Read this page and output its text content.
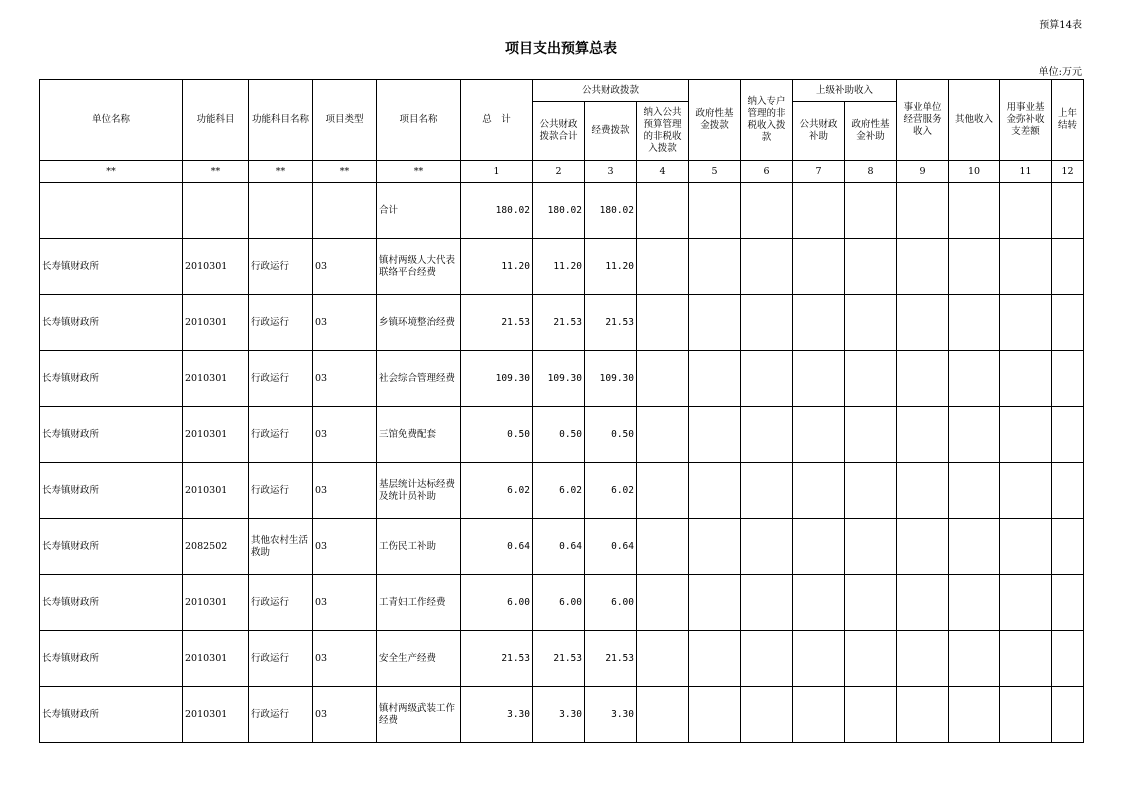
预算14表
项目支出预算总表
单位:万元
单位名称	功能科目	功能科目名称	项目类型	项目名称	总　计	公共财政拨款			政府性基金拨款	纳入专户管理的非税收入拨款	上级补助收入		事业单位经营服务收入	其他收入	用事业基金弥补收支差额	上年结转
						公共财政拨款合计	经费拨款	纳入公共预算管理的非税收入拨款			公共财政补助	政府性基金补助				
**	**	**	**	**	1	2	3	4	5	6	7	8	9	10	11	12
				合计	180.02	180.02	180.02									
长寿镇财政所	2010301	行政运行	03	镇村两级人大代表联络平台经费	11.20	11.20	11.20									
长寿镇财政所	2010301	行政运行	03	乡镇环境整治经费	21.53	21.53	21.53									
长寿镇财政所	2010301	行政运行	03	社会综合管理经费	109.30	109.30	109.30									
长寿镇财政所	2010301	行政运行	03	三馆免费配套	0.50	0.50	0.50									
长寿镇财政所	2010301	行政运行	03	基层统计达标经费及统计员补助	6.02	6.02	6.02									
长寿镇财政所	2082502	其他农村生活救助	03	工伤民工补助	0.64	0.64	0.64									
长寿镇财政所	2010301	行政运行	03	工青妇工作经费	6.00	6.00	6.00									
长寿镇财政所	2010301	行政运行	03	安全生产经费	21.53	21.53	21.53									
长寿镇财政所	2010301	行政运行	03	镇村两级武装工作经费	3.30	3.30	3.30									
